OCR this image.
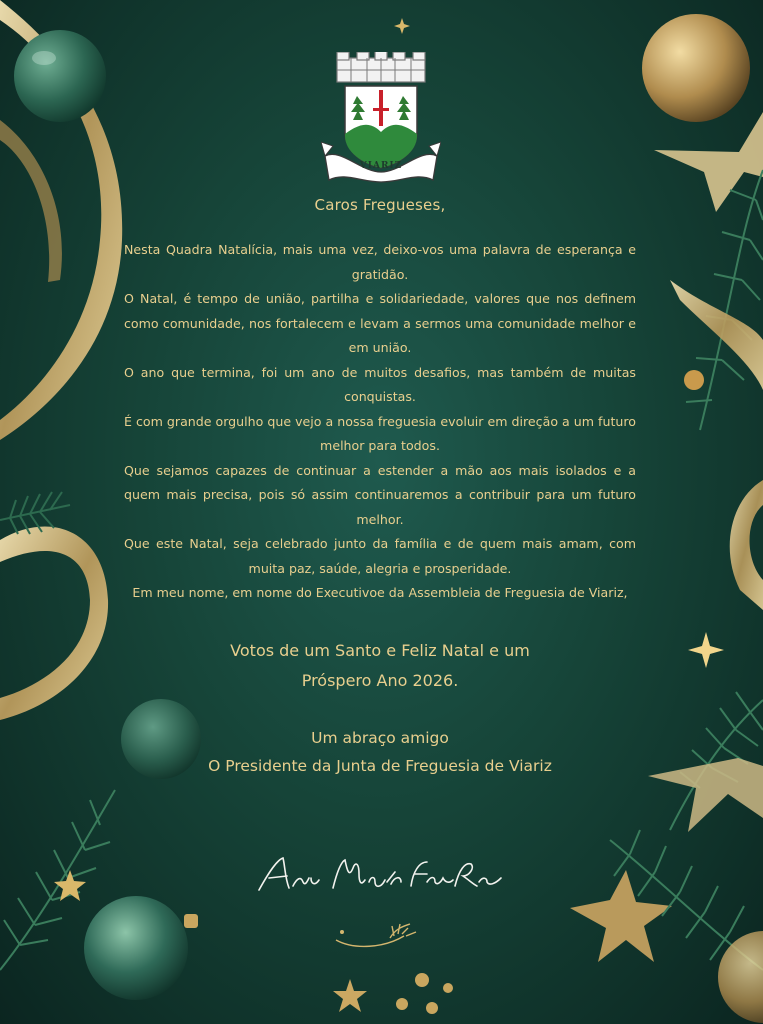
VIARIZ
Caros Fregueses,

Nesta Quadra Natalícia, mais uma vez, deixo-vos uma palavra de esperança e gratidão.

O Natal, é tempo de união, partilha e solidariedade, valores que nos definem como comunidade, nos fortalecem e levam a sermos uma comunidade melhor e em união.

O ano que termina, foi um ano de muitos desafios, mas também de muitas conquistas.

É com grande orgulho que vejo a nossa freguesia evoluir em direção a um futuro melhor para todos.

Que sejamos capazes de continuar a estender a mão aos mais isolados e a quem mais precisa, pois só assim continuaremos a contribuir para um futuro melhor.

Que este Natal, seja celebrado junto da família e de quem mais amam, com muita paz, saúde, alegria e prosperidade.

Em meu nome, em nome do Executivoe da Assembleia de Freguesia de Viariz,

Votos de um Santo e Feliz Natal e um
Próspero Ano 2026.
Um abraço amigo
O Presidente da Junta de Freguesia de Viariz
